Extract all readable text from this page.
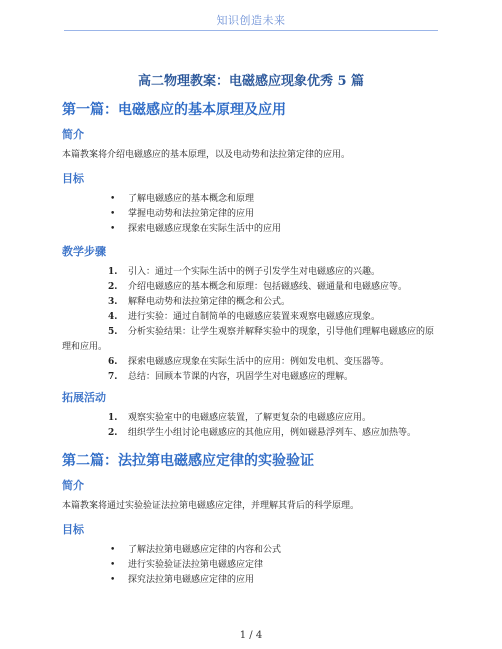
知识创造未来
高二物理教案：电磁感应现象优秀 5 篇
第一篇：电磁感应的基本原理及应用
简介
本篇教案将介绍电磁感应的基本原理，以及电动势和法拉第定律的应用。
目标
• 了解电磁感应的基本概念和原理
• 掌握电动势和法拉第定律的应用
• 探索电磁感应现象在实际生活中的应用
教学步骤
1. 引入：通过一个实际生活中的例子引发学生对电磁感应的兴趣。
2. 介绍电磁感应的基本概念和原理：包括磁感线、磁通量和电磁感应等。
3. 解释电动势和法拉第定律的概念和公式。
4. 进行实验：通过自制简单的电磁感应装置来观察电磁感应现象。
5. 分析实验结果：让学生观察并解释实验中的现象，引导他们理解电磁感应的原理和应用。
6. 探索电磁感应现象在实际生活中的应用：例如发电机、变压器等。
7. 总结：回顾本节课的内容，巩固学生对电磁感应的理解。
拓展活动
1. 观察实验室中的电磁感应装置，了解更复杂的电磁感应应用。
2. 组织学生小组讨论电磁感应的其他应用，例如磁悬浮列车、感应加热等。
第二篇：法拉第电磁感应定律的实验验证
简介
本篇教案将通过实验验证法拉第电磁感应定律，并理解其背后的科学原理。
目标
• 了解法拉第电磁感应定律的内容和公式
• 进行实验验证法拉第电磁感应定律
• 探究法拉第电磁感应定律的应用
1 / 4
